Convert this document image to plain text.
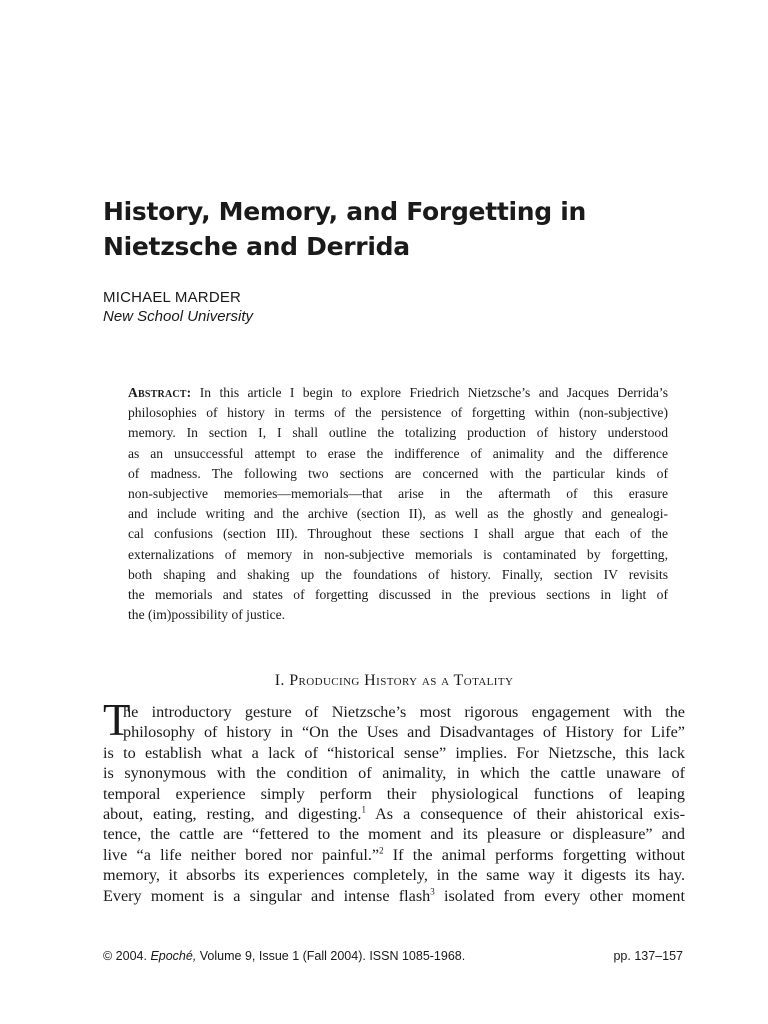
History, Memory, and Forgetting in
Nietzsche and Derrida
MICHAEL MARDER
New School University
Abstract: In this article I begin to explore Friedrich Nietzsche’s and Jacques Derrida’s
philosophies of history in terms of the persistence of forgetting within (non-subjective)
memory. In section I, I shall outline the totalizing production of history understood
as an unsuccessful attempt to erase the indifference of animality and the difference
of madness. The following two sections are concerned with the particular kinds of
non-subjective memories—memorials—that arise in the aftermath of this erasure
and include writing and the archive (section II), as well as the ghostly and genealogi-
cal confusions (section III). Throughout these sections I shall argue that each of the
externalizations of memory in non-subjective memorials is contaminated by forgetting,
both shaping and shaking up the foundations of history. Finally, section IV revisits
the memorials and states of forgetting discussed in the previous sections in light of
the (im)possibility of justice.
I. Producing History as a Totality
T
he introductory gesture of Nietzsche’s most rigorous engagement with the
philosophy of history in “On the Uses and Disadvantages of History for Life”
is to establish what a lack of “historical sense” implies. For Nietzsche, this lack
is synonymous with the condition of animality, in which the cattle unaware of
temporal experience simply perform their physiological functions of leaping
about, eating, resting, and digesting.$^1$ As a consequence of their ahistorical exis-
tence, the cattle are “fettered to the moment and its pleasure or displeasure” and
live “a life neither bored nor painful.”$^2$ If the animal performs forgetting without
memory, it absorbs its experiences completely, in the same way it digests its hay.
Every moment is a singular and intense flash$^3$ isolated from every other moment
© 2004. Epoché, Volume 9, Issue 1 (Fall 2004). ISSN 1085-1968.	pp. 137–157
